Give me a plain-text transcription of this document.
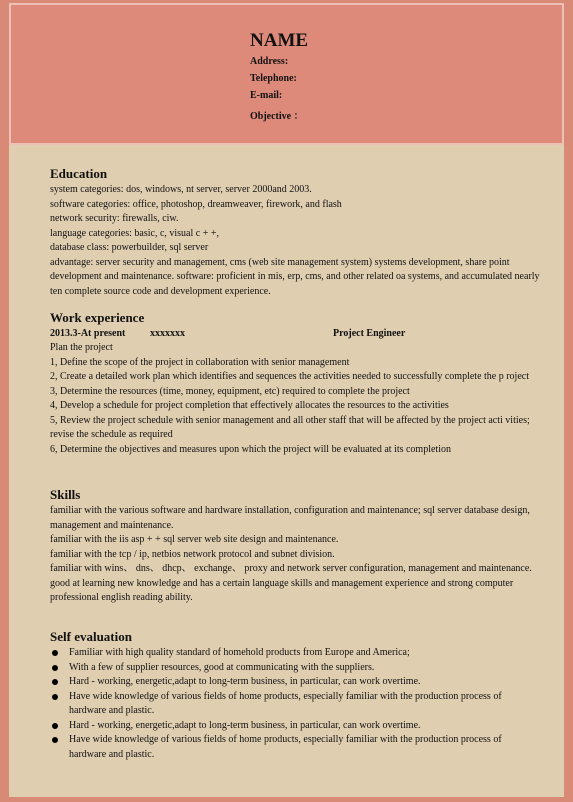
NAME
Address:
Telephone:
E-mail:
Objective ：
Education
system categories: dos, windows, nt server, server 2000and 2003.
software categories: office, photoshop, dreamweaver, firework, and flash
network security: firewalls, ciw.
language categories: basic, c, visual c + +,
database class: powerbuilder, sql server
advantage: server security and management, cms (web site management system) systems development, share point development and maintenance. software: proficient in mis, erp, cms, and other related oa systems, and accumulated nearly ten complete source code and development experience.
Work experience
2013.3-At present xxxxxxx	Project Engineer
Plan the project
1, Define the scope of the project in collaboration with senior management
2, Create a detailed work plan which identifies and sequences the activities needed to successfully complete the p roject
3, Determine the resources (time, money, equipment, etc) required to complete the project
4, Develop a schedule for project completion that effectively allocates the resources to the activities
5, Review the project schedule with senior management and all other staff that will be affected by the project acti vities; revise the schedule as required
6, Determine the objectives and measures upon which the project will be evaluated at its completion
Skills
familiar with the various software and hardware installation, configuration and maintenance; sql server database design, management and maintenance.
familiar with the iis asp + + sql server web site design and maintenance.
familiar with the tcp / ip, netbios network protocol and subnet division.
familiar with wins、 dns、 dhcp、 exchange、 proxy and network server configuration, management and maintenance.
good at learning new knowledge and has a certain language skills and management experience and strong computer professional english reading ability.
Self evaluation
Familiar with high quality standard of homehold products from Europe and America;
With a few of supplier resources, good at communicating with the suppliers.
Hard - working, energetic,adapt to long-term business, in particular, can work overtime.
Have wide knowledge of various fields of home products, especially familiar with the production process of hardware and plastic.
Hard - working, energetic,adapt to long-term business, in particular, can work overtime.
Have wide knowledge of various fields of home products, especially familiar with the production process of hardware and plastic.
